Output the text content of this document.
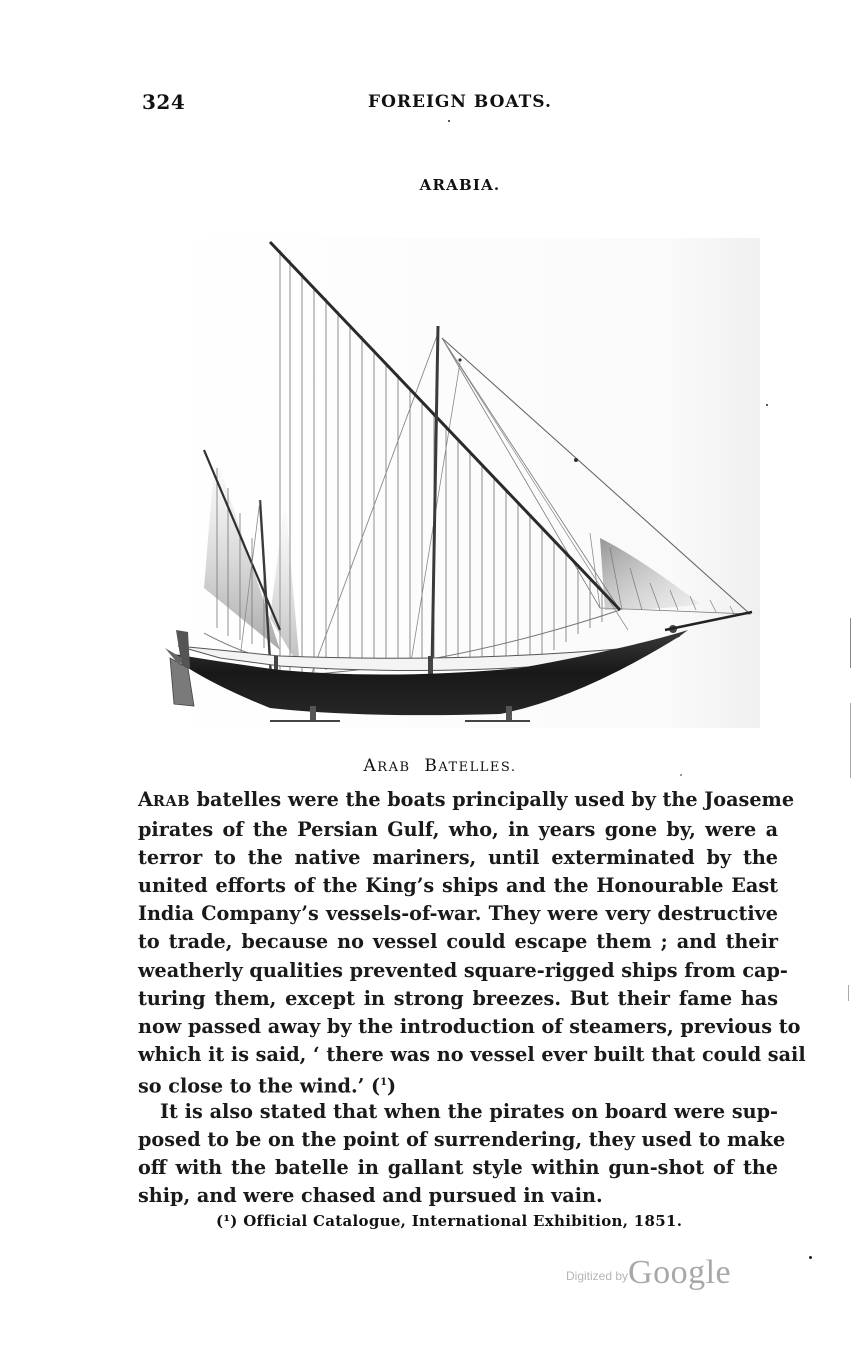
324	FOREIGN BOATS.
ARABIA.
ARAB BATELLES.
ARAB batelles were the boats principally used by the Joaseme
pirates of the Persian Gulf, who, in years gone by, were a
terror to the native mariners, until exterminated by the
united efforts of the King’s ships and the Honourable East
India Company’s vessels-of-war. They were very destructive
to trade, because no vessel could escape them ; and their
weatherly qualities prevented square-rigged ships from cap-
turing them, except in strong breezes. But their fame has
now passed away by the introduction of steamers, previous to
which it is said, ‘ there was no vessel ever built that could sail
so close to the wind.’ ($^1$)
It is also stated that when the pirates on board were sup-
posed to be on the point of surrendering, they used to make
off with the batelle in gallant style within gun-shot of the
ship, and were chased and pursued in vain.
(¹) Official Catalogue, International Exhibition, 1851.
Digitized byGoogle
